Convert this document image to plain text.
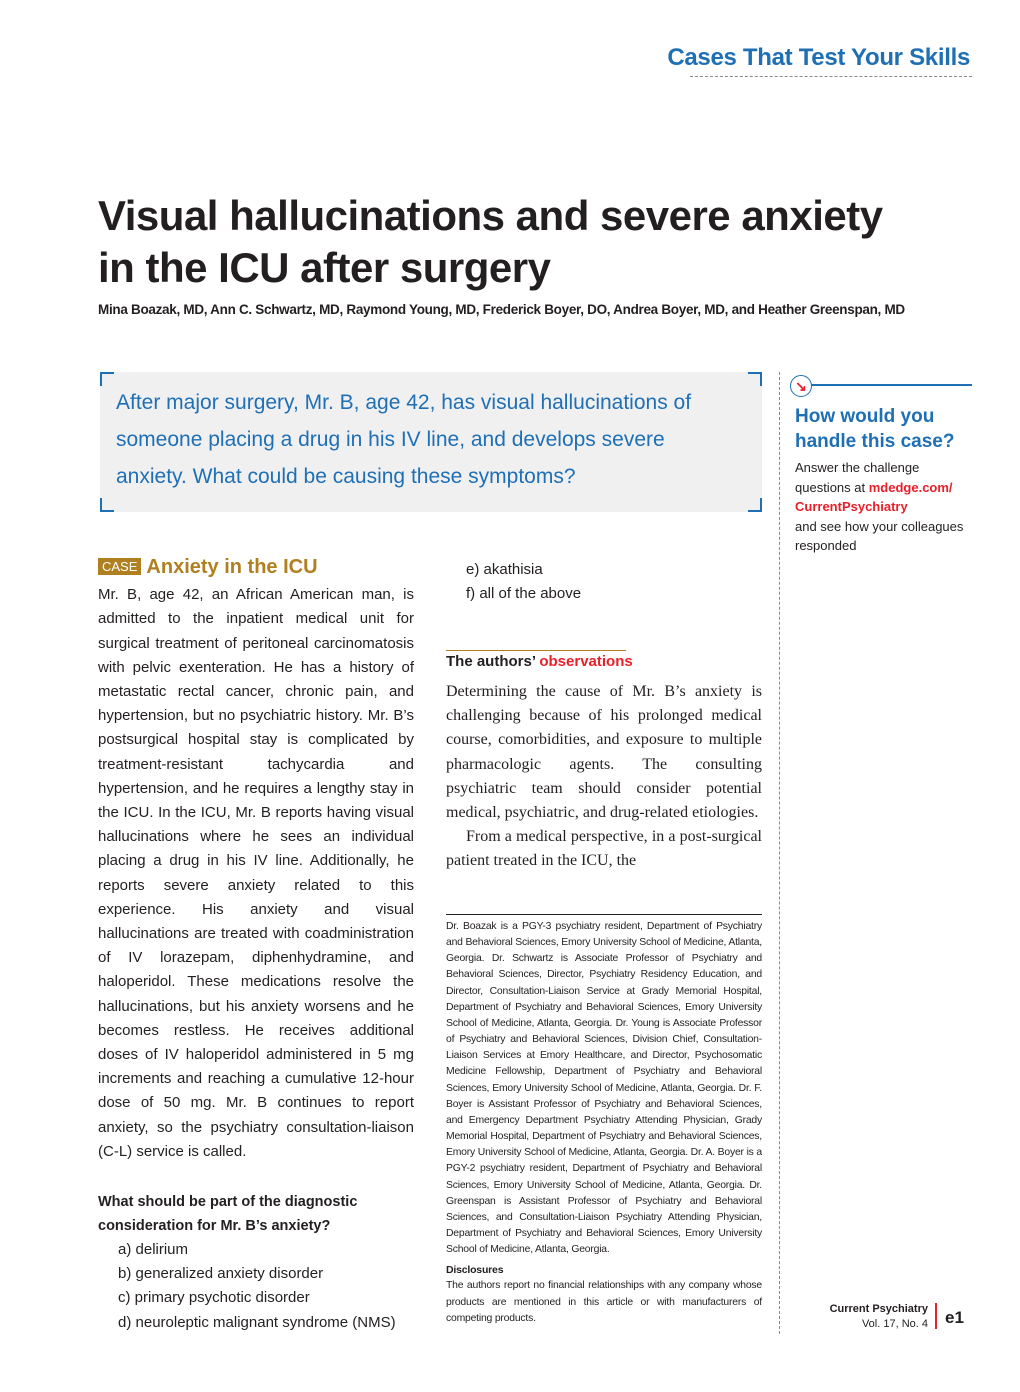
Cases That Test Your Skills
Visual hallucinations and severe anxiety
in the ICU after surgery
Mina Boazak, MD, Ann C. Schwartz, MD, Raymond Young, MD, Frederick Boyer, DO, Andrea Boyer, MD, and Heather Greenspan, MD
After major surgery, Mr. B, age 42, has visual hallucinations of someone placing a drug in his IV line, and develops severe anxiety. What could be causing these symptoms?
↘
How would you
handle this case?
Answer the challenge questions at mdedge.com/
CurrentPsychiatry
and see how your colleagues responded
CASE Anxiety in the ICU
Mr. B, age 42, an African American man, is admitted to the inpatient medical unit for surgical treatment of peritoneal carcinomatosis with pelvic exenteration. He has a history of metastatic rectal cancer, chronic pain, and hypertension, but no psychiatric history. Mr. B’s postsurgical hospital stay is complicated by treatment-resistant tachycardia and hypertension, and he requires a lengthy stay in the ICU. In the ICU, Mr. B reports having visual hallucinations where he sees an individual placing a drug in his IV line. Additionally, he reports severe anxiety related to this experience. His anxiety and visual hallucinations are treated with coadministration of IV lorazepam, diphenhydramine, and haloperidol. These medications resolve the hallucinations, but his anxiety worsens and he becomes restless. He receives additional doses of IV haloperidol administered in 5 mg increments and reaching a cumulative 12-hour dose of 50 mg. Mr. B continues to report anxiety, so the psychiatry consultation-liaison (C-L) service is called.
What should be part of the diagnostic consideration for Mr. B’s anxiety?
a) delirium
b) generalized anxiety disorder
c) primary psychotic disorder
d) neuroleptic malignant syndrome (NMS)
e) akathisia
f) all of the above
The authors’ observations
Determining the cause of Mr. B’s anxiety is challenging because of his prolonged medical course, comorbidities, and exposure to multiple pharmacologic agents. The consulting psychiatric team should consider potential medical, psychiatric, and drug-related etiologies.
From a medical perspective, in a post-surgical patient treated in the ICU, the
Dr. Boazak is a PGY-3 psychiatry resident, Department of Psychiatry and Behavioral Sciences, Emory University School of Medicine, Atlanta, Georgia. Dr. Schwartz is Associate Professor of Psychiatry and Behavioral Sciences, Director, Psychiatry Residency Education, and Director, Consultation-Liaison Service at Grady Memorial Hospital, Department of Psychiatry and Behavioral Sciences, Emory University School of Medicine, Atlanta, Georgia. Dr. Young is Associate Professor of Psychiatry and Behavioral Sciences, Division Chief, Consultation-Liaison Services at Emory Healthcare, and Director, Psychosomatic Medicine Fellowship, Department of Psychiatry and Behavioral Sciences, Emory University School of Medicine, Atlanta, Georgia. Dr. F. Boyer is Assistant Professor of Psychiatry and Behavioral Sciences, and Emergency Department Psychiatry Attending Physician, Grady Memorial Hospital, Department of Psychiatry and Behavioral Sciences, Emory University School of Medicine, Atlanta, Georgia. Dr. A. Boyer is a PGY-2 psychiatry resident, Department of Psychiatry and Behavioral Sciences, Emory University School of Medicine, Atlanta, Georgia. Dr. Greenspan is Assistant Professor of Psychiatry and Behavioral Sciences, and Consultation-Liaison Psychiatry Attending Physician, Department of Psychiatry and Behavioral Sciences, Emory University School of Medicine, Atlanta, Georgia.
Disclosures
The authors report no financial relationships with any company whose products are mentioned in this article or with manufacturers of competing products.
Current Psychiatry
Vol. 17, No. 4 e1
